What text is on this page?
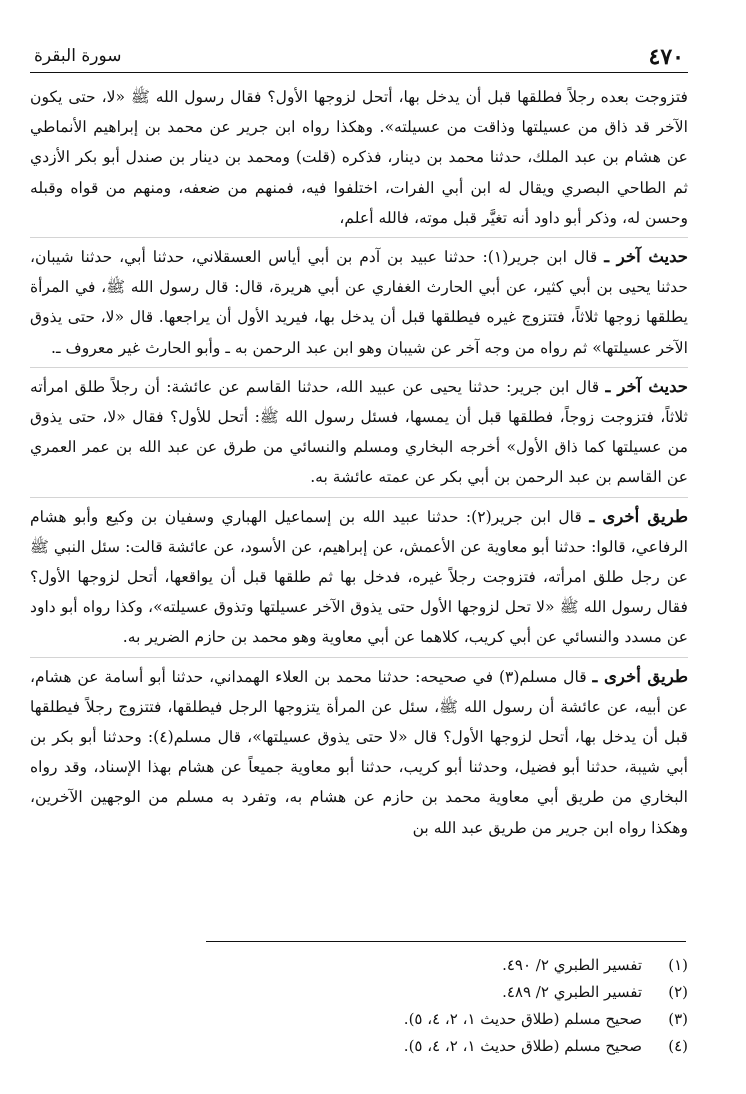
٤٧٠
سورة البقرة

فتزوجت بعده رجلاً فطلقها قبل أن يدخل بها، أتحل لزوجها الأول؟ فقال رسول الله ﷺ «لا، حتى يكون الآخر قد ذاق من عسيلتها وذاقت من عسيلته». وهكذا رواه ابن جرير عن محمد بن إبراهيم الأنماطي عن هشام بن عبد الملك، حدثنا محمد بن دينار، فذكره (قلت) ومحمد بن دينار بن صندل أبو بكر الأزدي ثم الطاحي البصري ويقال له ابن أبي الفرات، اختلفوا فيه، فمنهم من ضعفه، ومنهم من قواه وقبله وحسن له، وذكر أبو داود أنه تغيَّر قبل موته، فالله أعلم،

حديث آخر ـ قال ابن جرير(١): حدثنا عبيد بن آدم بن أبي أياس العسقلاني، حدثنا أبي، حدثنا شيبان، حدثنا يحيى بن أبي كثير، عن أبي الحارث الغفاري عن أبي هريرة، قال: قال رسول الله ﷺ، في المرأة يطلقها زوجها ثلاثاً، فتتزوج غيره فيطلقها قبل أن يدخل بها، فيريد الأول أن يراجعها. قال «لا، حتى يذوق الآخر عسيلتها» ثم رواه من وجه آخر عن شيبان وهو ابن عبد الرحمن به ـ وأبو الحارث غير معروف ـ.

حديث آخر ـ قال ابن جرير: حدثنا يحيى عن عبيد الله، حدثنا القاسم عن عائشة: أن رجلاً طلق امرأته ثلاثاً، فتزوجت زوجاً، فطلقها قبل أن يمسها، فسئل رسول الله ﷺ: أتحل للأول؟ فقال «لا، حتى يذوق من عسيلتها كما ذاق الأول» أخرجه البخاري ومسلم والنسائي من طرق عن عبد الله بن عمر العمري عن القاسم بن عبد الرحمن بن أبي بكر عن عمته عائشة به.

طريق أخرى ـ قال ابن جرير(٢): حدثنا عبيد الله بن إسماعيل الهباري وسفيان بن وكيع وأبو هشام الرفاعي، قالوا: حدثنا أبو معاوية عن الأعمش، عن إبراهيم، عن الأسود، عن عائشة قالت: سئل النبي ﷺ عن رجل طلق امرأته، فتزوجت رجلاً غيره، فدخل بها ثم طلقها قبل أن يواقعها، أتحل لزوجها الأول؟ فقال رسول الله ﷺ «لا تحل لزوجها الأول حتى يذوق الآخر عسيلتها وتذوق عسيلته»، وكذا رواه أبو داود عن مسدد والنسائي عن أبي كريب، كلاهما عن أبي معاوية وهو محمد بن حازم الضرير به.

طريق أخرى ـ قال مسلم(٣) في صحيحه: حدثنا محمد بن العلاء الهمداني، حدثنا أبو أسامة عن هشام، عن أبيه، عن عائشة أن رسول الله ﷺ، سئل عن المرأة يتزوجها الرجل فيطلقها، فتتزوج رجلاً فيطلقها قبل أن يدخل بها، أتحل لزوجها الأول؟ قال «لا حتى يذوق عسيلتها»، قال مسلم(٤): وحدثنا أبو بكر بن أبي شيبة، حدثنا أبو فضيل، وحدثنا أبو كريب، حدثنا أبو معاوية جميعاً عن هشام بهذا الإسناد، وقد رواه البخاري من طريق أبي معاوية محمد بن حازم عن هشام به، وتفرد به مسلم من الوجهين الآخرين، وهكذا رواه ابن جرير من طريق عبد الله بن

(١)
تفسير الطبري ٢/ ٤٩٠.
(٢)
تفسير الطبري ٢/ ٤٨٩.
(٣)
صحيح مسلم (طلاق حديث ١، ٢، ٤، ٥).
(٤)
صحيح مسلم (طلاق حديث ١، ٢، ٤، ٥).
